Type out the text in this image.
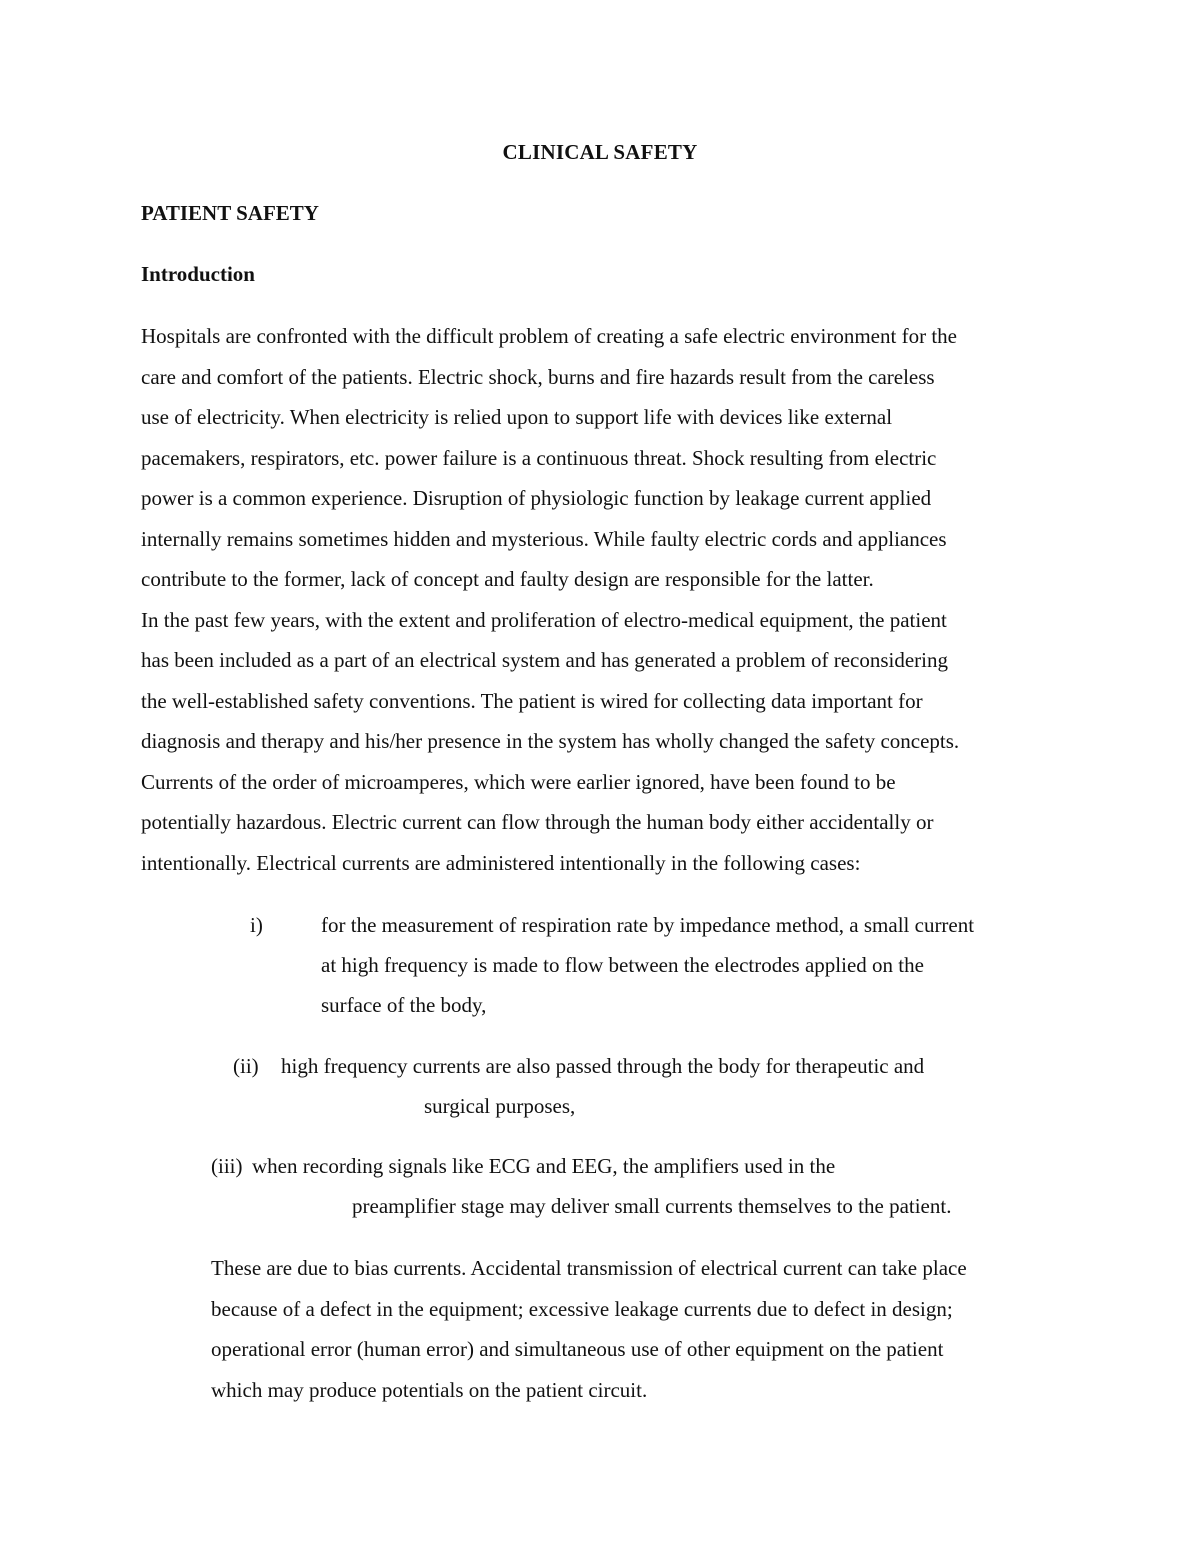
CLINICAL SAFETY
PATIENT SAFETY
Introduction
Hospitals are confronted with the difficult problem of creating a safe electric environment for the
care and comfort of the patients. Electric shock, burns and fire hazards result from the careless
use of electricity. When electricity is relied upon to support life with devices like external
pacemakers, respirators, etc. power failure is a continuous threat. Shock resulting from electric
power is a common experience. Disruption of physiologic function by leakage current applied
internally remains sometimes hidden and mysterious. While faulty electric cords and appliances
contribute to the former, lack of concept and faulty design are responsible for the latter.
In the past few years, with the extent and proliferation of electro-medical equipment, the patient
has been included as a part of an electrical system and has generated a problem of reconsidering
the well-established safety conventions. The patient is wired for collecting data important for
diagnosis and therapy and his/her presence in the system has wholly changed the safety concepts.
Currents of the order of microamperes, which were earlier ignored, have been found to be
potentially hazardous. Electric current can flow through the human body either accidentally or
intentionally. Electrical currents are administered intentionally in the following cases:
i)	for the measurement of respiration rate by impedance method, a small current
at high frequency is made to flow between the electrodes applied on the
surface of the body,
(ii) high frequency currents are also passed through the body for therapeutic and
surgical purposes,
(iii) when recording signals like ECG and EEG, the amplifiers used in the
preamplifier stage may deliver small currents themselves to the patient.
These are due to bias currents. Accidental transmission of electrical current can take place
because of a defect in the equipment; excessive leakage currents due to defect in design;
operational error (human error) and simultaneous use of other equipment on the patient
which may produce potentials on the patient circuit.
